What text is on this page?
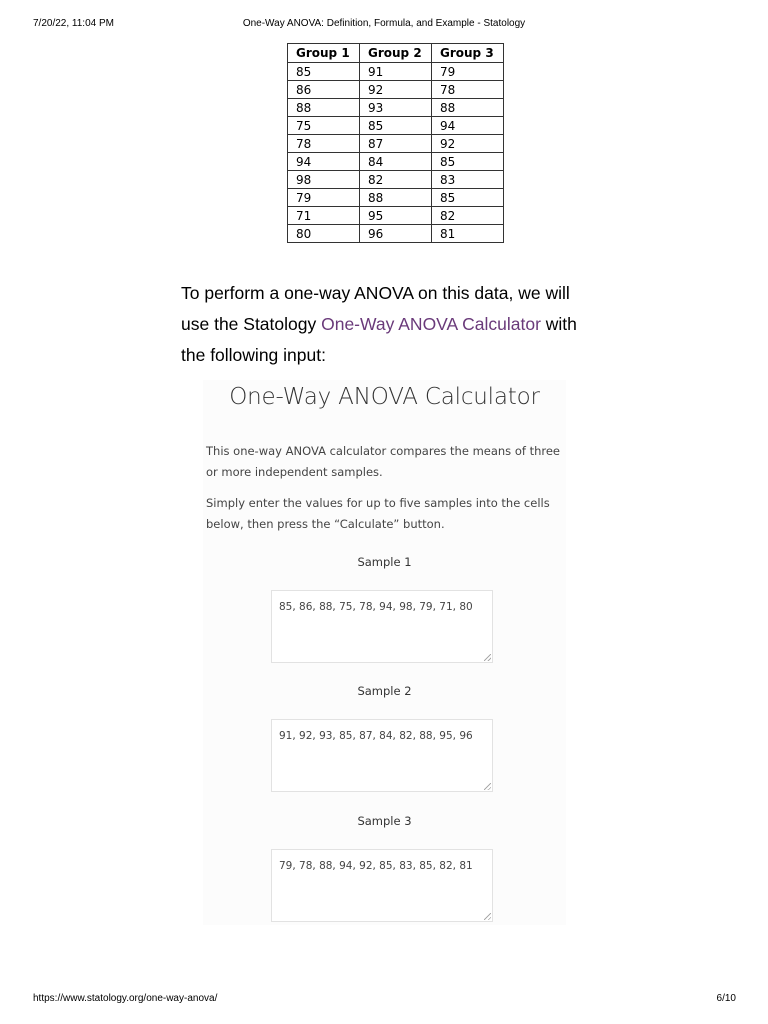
7/20/22, 11:04 PM	One-Way ANOVA: Definition, Formula, and Example - Statology
Group 1	Group 2	Group 3
85	91	79
86	92	78
88	93	88
75	85	94
78	87	92
94	84	85
98	82	83
79	88	85
71	95	82
80	96	81
To perform a one-way ANOVA on this data, we will use the Statology One-Way ANOVA Calculator with the following input:
One-Way ANOVA Calculator
This one-way ANOVA calculator compares the means of three or more independent samples.
Simply enter the values for up to five samples into the cells below, then press the “Calculate” button.
Sample 1
85, 86, 88, 75, 78, 94, 98, 79, 71, 80
Sample 2
91, 92, 93, 85, 87, 84, 82, 88, 95, 96
Sample 3
79, 78, 88, 94, 92, 85, 83, 85, 82, 81
https://www.statology.org/one-way-anova/	6/10
